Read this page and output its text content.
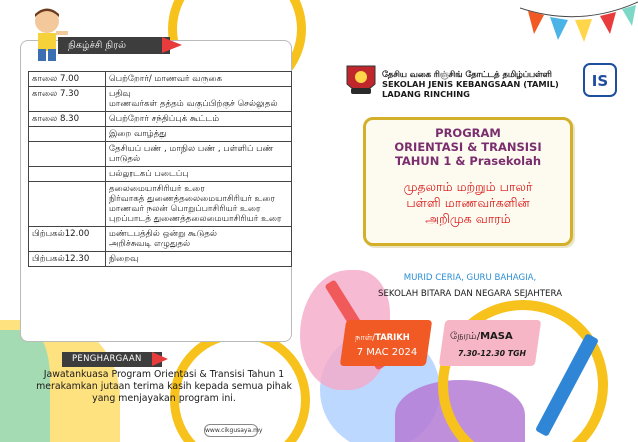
நிகழ்ச்சி நிரல்
காலை 7.00	பெற்றோர்/ மாணவர் வருகை

காலை 7.30	பதிவு
மாணவர்கள் தத்தம் வகுப்பிற்குச் செல்லுதல்

காலை 8.30	பெற்றோர் சந்திப்புக் கூட்டம்

	இறை வாழ்த்து

	தேசியப் பண் , மாநில பண் , பள்ளிப் பண் பாடுதல்

	பல்லூடகப் படைப்பு

	தலைமையாசிரியர் உரை
நிர்வாகத் துணைத்தலைமையாசிரியர் உரை
மாணவர் நலன் பொறுப்பாசிரியர் உரை
புறப்பாடத் துணைத்தலைமையாசிரியர் உரை

பிற்பகல்12.00	மண்டபத்தில் ஒன்று கூடுதல்
அறிச்சுவடி எழுதுதல்

பிற்பகல்12.30	நிறைவு
PENGHARGAAN
Jawatankuasa Program Orientasi & Transisi Tahun 1 merakamkan jutaan terima kasih kepada semua pihak yang menjayakan program ini.
www.cikgusaya.my
தேசிய வகை ரிஞ்சிங் தோட்டத் தமிழ்ப்பள்ளி
SEKOLAH JENIS KEBANGSAAN (TAMIL) LADANG RINCHING
IS
PROGRAM
ORIENTASI & TRANSISI
TAHUN 1 & Prasekolah
முதலாம் மற்றும் பாலர்
பள்ளி மாணவர்களின்
அறிமுக வாரம்
MURID CERIA, GURU BAHAGIA,
SEKOLAH BITARA DAN NEGARA SEJAHTERA
நாள்/TARIKH
7 MAC 2024
நேரம்/MASA
7.30-12.30 TGH
